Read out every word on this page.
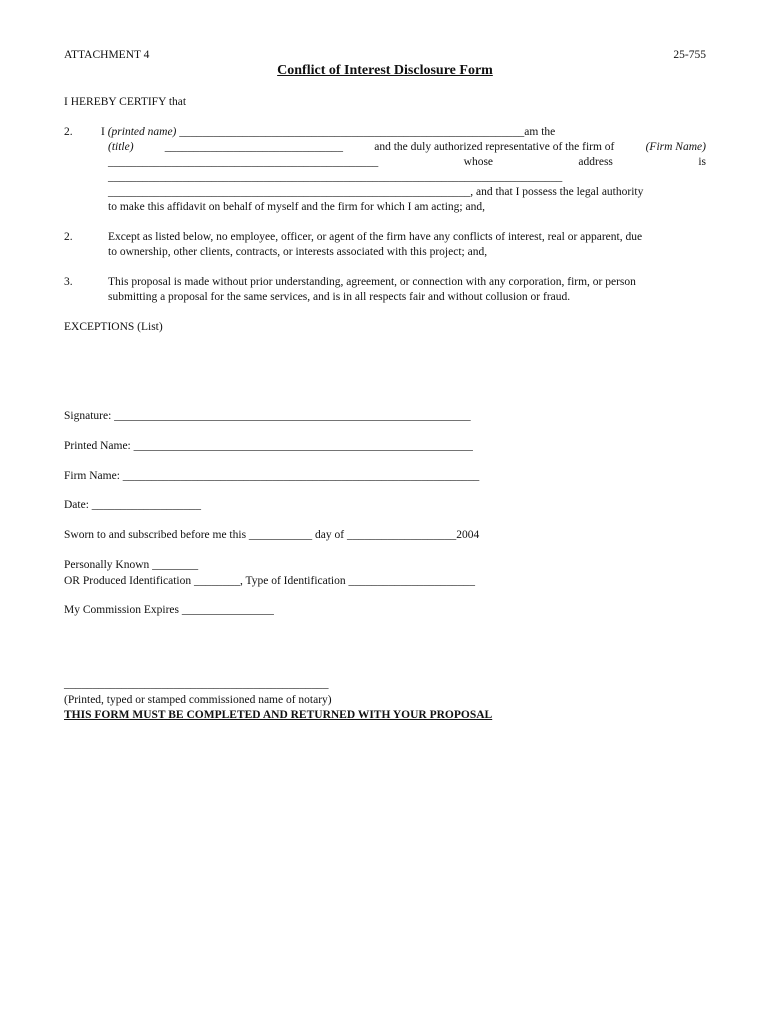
ATTACHMENT 4	25-755
Conflict of Interest Disclosure Form
I HEREBY CERTIFY that
2. I (printed name) ____________________________________________________________am the
(title)	_______________________________	and the duly authorized representative of the firm of	(Firm Name)
_______________________________________________	whose	address	is
_______________________________________________________________________________
_______________________________________________________________, and that I possess the legal authority
to make this affidavit on behalf of myself and the firm for which I am acting; and,
2.	Except as listed below, no employee, officer, or agent of the firm have any conflicts of interest, real or apparent, due
to ownership, other clients, contracts, or interests associated with this project; and,
3.	This proposal is made without prior understanding, agreement, or connection with any corporation, firm, or person
submitting a proposal for the same services, and is in all respects fair and without collusion or fraud.
EXCEPTIONS (List)
Signature: ______________________________________________________________
Printed Name: ___________________________________________________________
Firm Name: ______________________________________________________________
Date: ___________________
Sworn to and subscribed before me this ___________ day of ___________________2004
Personally Known ________
OR Produced Identification ________, Type of Identification ______________________
My Commission Expires ________________
______________________________________________
(Printed, typed or stamped commissioned name of notary)
THIS FORM MUST BE COMPLETED AND RETURNED WITH YOUR PROPOSAL
